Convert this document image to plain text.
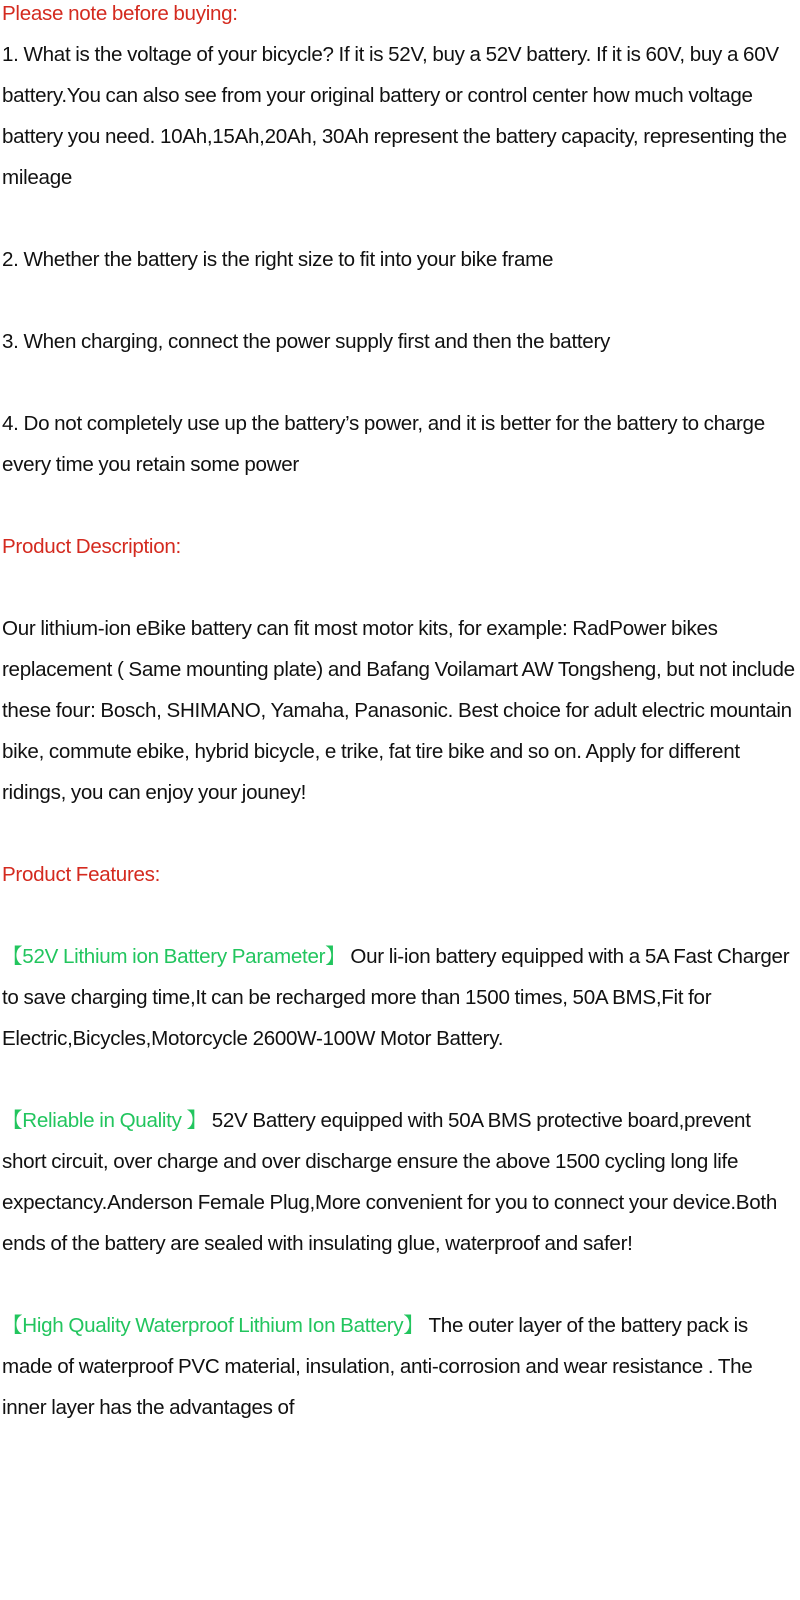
Please note before buying:

1. What is the voltage of your bicycle? If it is 52V, buy a 52V battery. If it is 60V, buy a 60V battery.You can also see from your original battery or control center how much voltage battery you need. 10Ah,15Ah,20Ah, 30Ah represent the battery capacity, representing the mileage

2. Whether the battery is the right size to fit into your bike frame

3. When charging, connect the power supply first and then the battery

4. Do not completely use up the battery’s power, and it is better for the battery to charge every time you retain some power

Product Description:

Our lithium-ion eBike battery can fit most motor kits, for example: RadPower bikes replacement ( Same mounting plate) and Bafang Voilamart AW Tongsheng, but not include these four: Bosch, SHIMANO, Yamaha, Panasonic. Best choice for adult electric mountain bike, commute ebike, hybrid bicycle, e trike, fat tire bike and so on. Apply for different ridings, you can enjoy your jouney!

Product Features:

【52V Lithium ion Battery Parameter】 Our li-ion battery equipped with a 5A Fast Charger to save charging time,It can be recharged more than 1500 times, 50A BMS,Fit for Electric,Bicycles,Motorcycle 2600W-100W Motor Battery.

【Reliable in Quality 】 52V Battery equipped with 50A BMS protective board,prevent short circuit, over charge and over discharge ensure the above 1500 cycling long life expectancy.Anderson Female Plug,More convenient for you to connect your device.Both ends of the battery are sealed with insulating glue, waterproof and safer!

【High Quality Waterproof Lithium Ion Battery】 The outer layer of the battery pack is made of waterproof PVC material, insulation, anti-corrosion and wear resistance . The inner layer has the advantages of
